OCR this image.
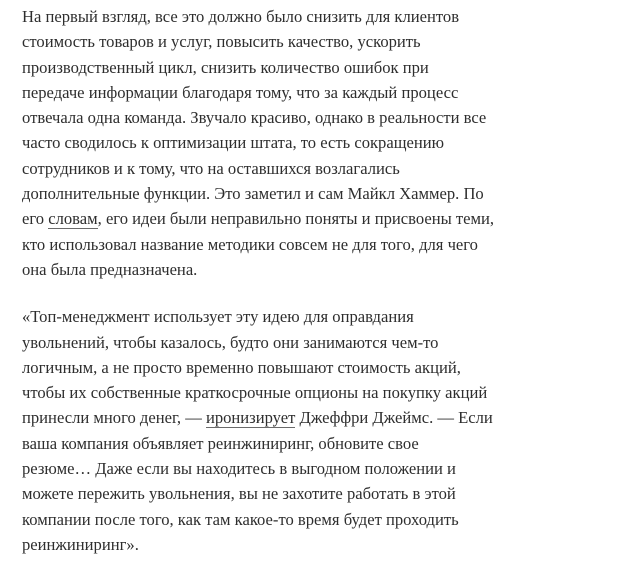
На первый взгляд, все это должно было снизить для клиентов
стоимость товаров и услуг, повысить качество, ускорить
производственный цикл, снизить количество ошибок при
передаче информации благодаря тому, что за каждый процесс
отвечала одна команда. Звучало красиво, однако в реальности все
часто сводилось к оптимизации штата, то есть сокращению
сотрудников и к тому, что на оставшихся возлагались
дополнительные функции. Это заметил и сам Майкл Хаммер. По
его словам, его идеи были неправильно поняты и присвоены теми,
кто использовал название методики совсем не для того, для чего
она была предназначена.

«Топ-менеджмент использует эту идею для оправдания
увольнений, чтобы казалось, будто они занимаются чем-то
логичным, а не просто временно повышают стоимость акций,
чтобы их собственные краткосрочные опционы на покупку акций
принесли много денег, — иронизирует Джеффри Джеймс. — Если
ваша компания объявляет реинжиниринг, обновите свое
резюме… Даже если вы находитесь в выгодном положении и
можете пережить увольнения, вы не захотите работать в этой
компании после того, как там какое-то время будет проходить
реинжиниринг».
